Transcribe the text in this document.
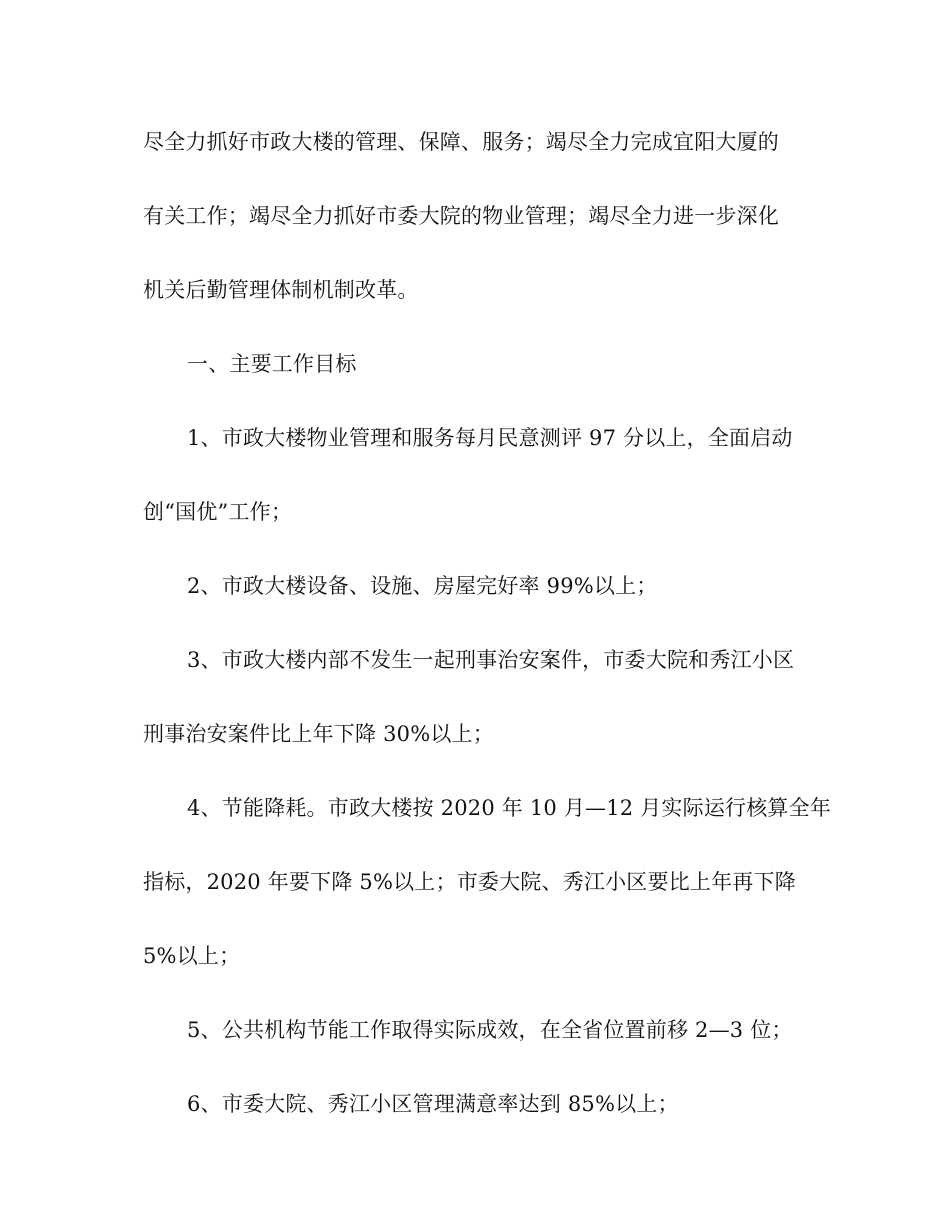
尽全力抓好市政大楼的管理、保障、服务；竭尽全力完成宜阳大厦的
有关工作；竭尽全力抓好市委大院的物业管理；竭尽全力进一步深化
机关后勤管理体制机制改革。
一、主要工作目标
1、市政大楼物业管理和服务每月民意测评 97 分以上，全面启动
创“国优”工作；
2、市政大楼设备、设施、房屋完好率 99%以上；
3、市政大楼内部不发生一起刑事治安案件，市委大院和秀江小区
刑事治安案件比上年下降 30%以上；
4、节能降耗。市政大楼按 2020 年 10 月—12 月实际运行核算全年
指标，2020 年要下降 5%以上；市委大院、秀江小区要比上年再下降
5%以上；
5、公共机构节能工作取得实际成效，在全省位置前移 2—3 位；
6、市委大院、秀江小区管理满意率达到 85%以上；
